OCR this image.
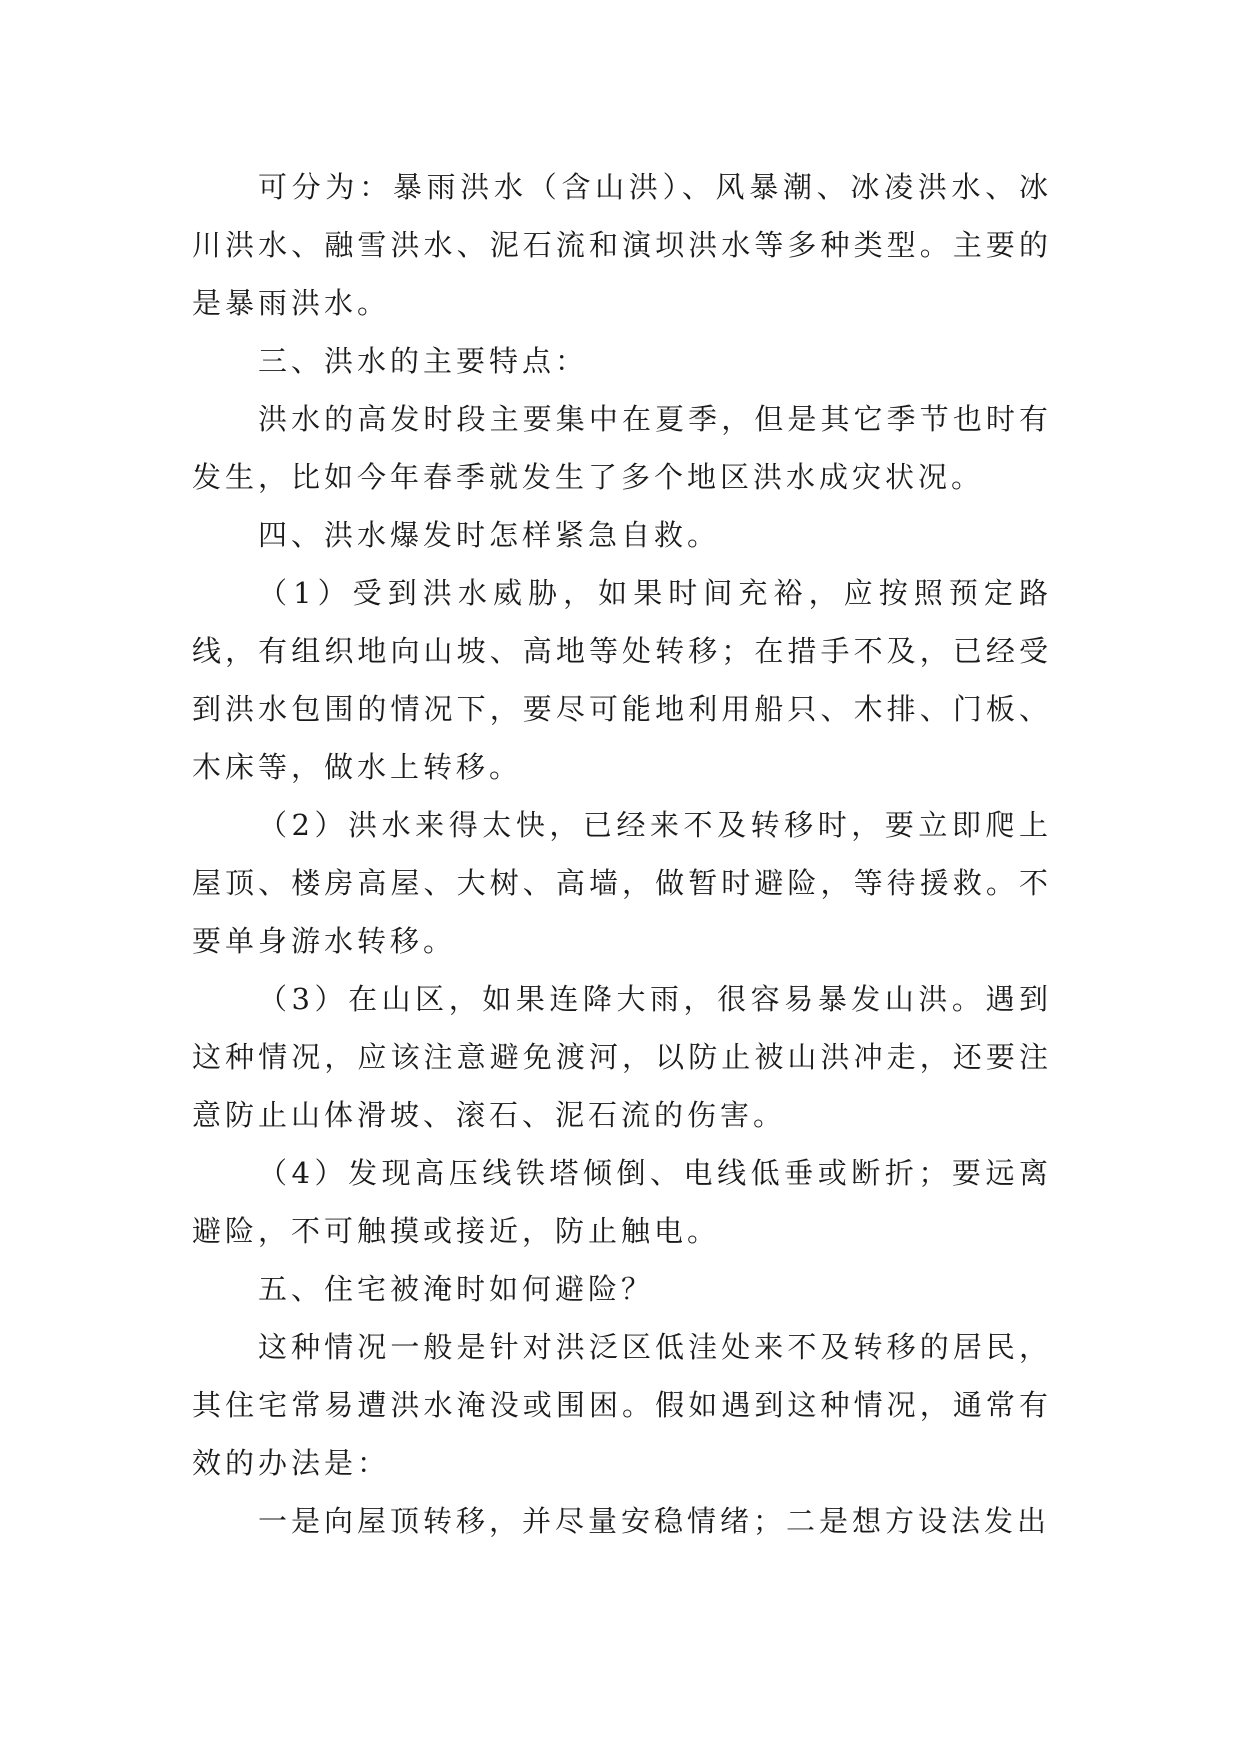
可分为：暴雨洪水（含山洪）、风暴潮、冰凌洪水、冰川洪水、融雪洪水、泥石流和演坝洪水等多种类型。主要的是暴雨洪水。

三、洪水的主要特点：

洪水的高发时段主要集中在夏季，但是其它季节也时有发生，比如今年春季就发生了多个地区洪水成灾状况。

四、洪水爆发时怎样紧急自救。

（1）受到洪水威胁，如果时间充裕，应按照预定路线，有组织地向山坡、高地等处转移；在措手不及，已经受到洪水包围的情况下，要尽可能地利用船只、木排、门板、木床等，做水上转移。

（2）洪水来得太快，已经来不及转移时，要立即爬上屋顶、楼房高屋、大树、高墙，做暂时避险，等待援救。不要单身游水转移。

（3）在山区，如果连降大雨，很容易暴发山洪。遇到这种情况，应该注意避免渡河，以防止被山洪冲走，还要注意防止山体滑坡、滚石、泥石流的伤害。

（4）发现高压线铁塔倾倒、电线低垂或断折；要远离避险，不可触摸或接近，防止触电。

五、住宅被淹时如何避险？

这种情况一般是针对洪泛区低洼处来不及转移的居民，其住宅常易遭洪水淹没或围困。假如遇到这种情况，通常有效的办法是：

一是向屋顶转移，并尽量安稳情绪；二是想方设法发出
